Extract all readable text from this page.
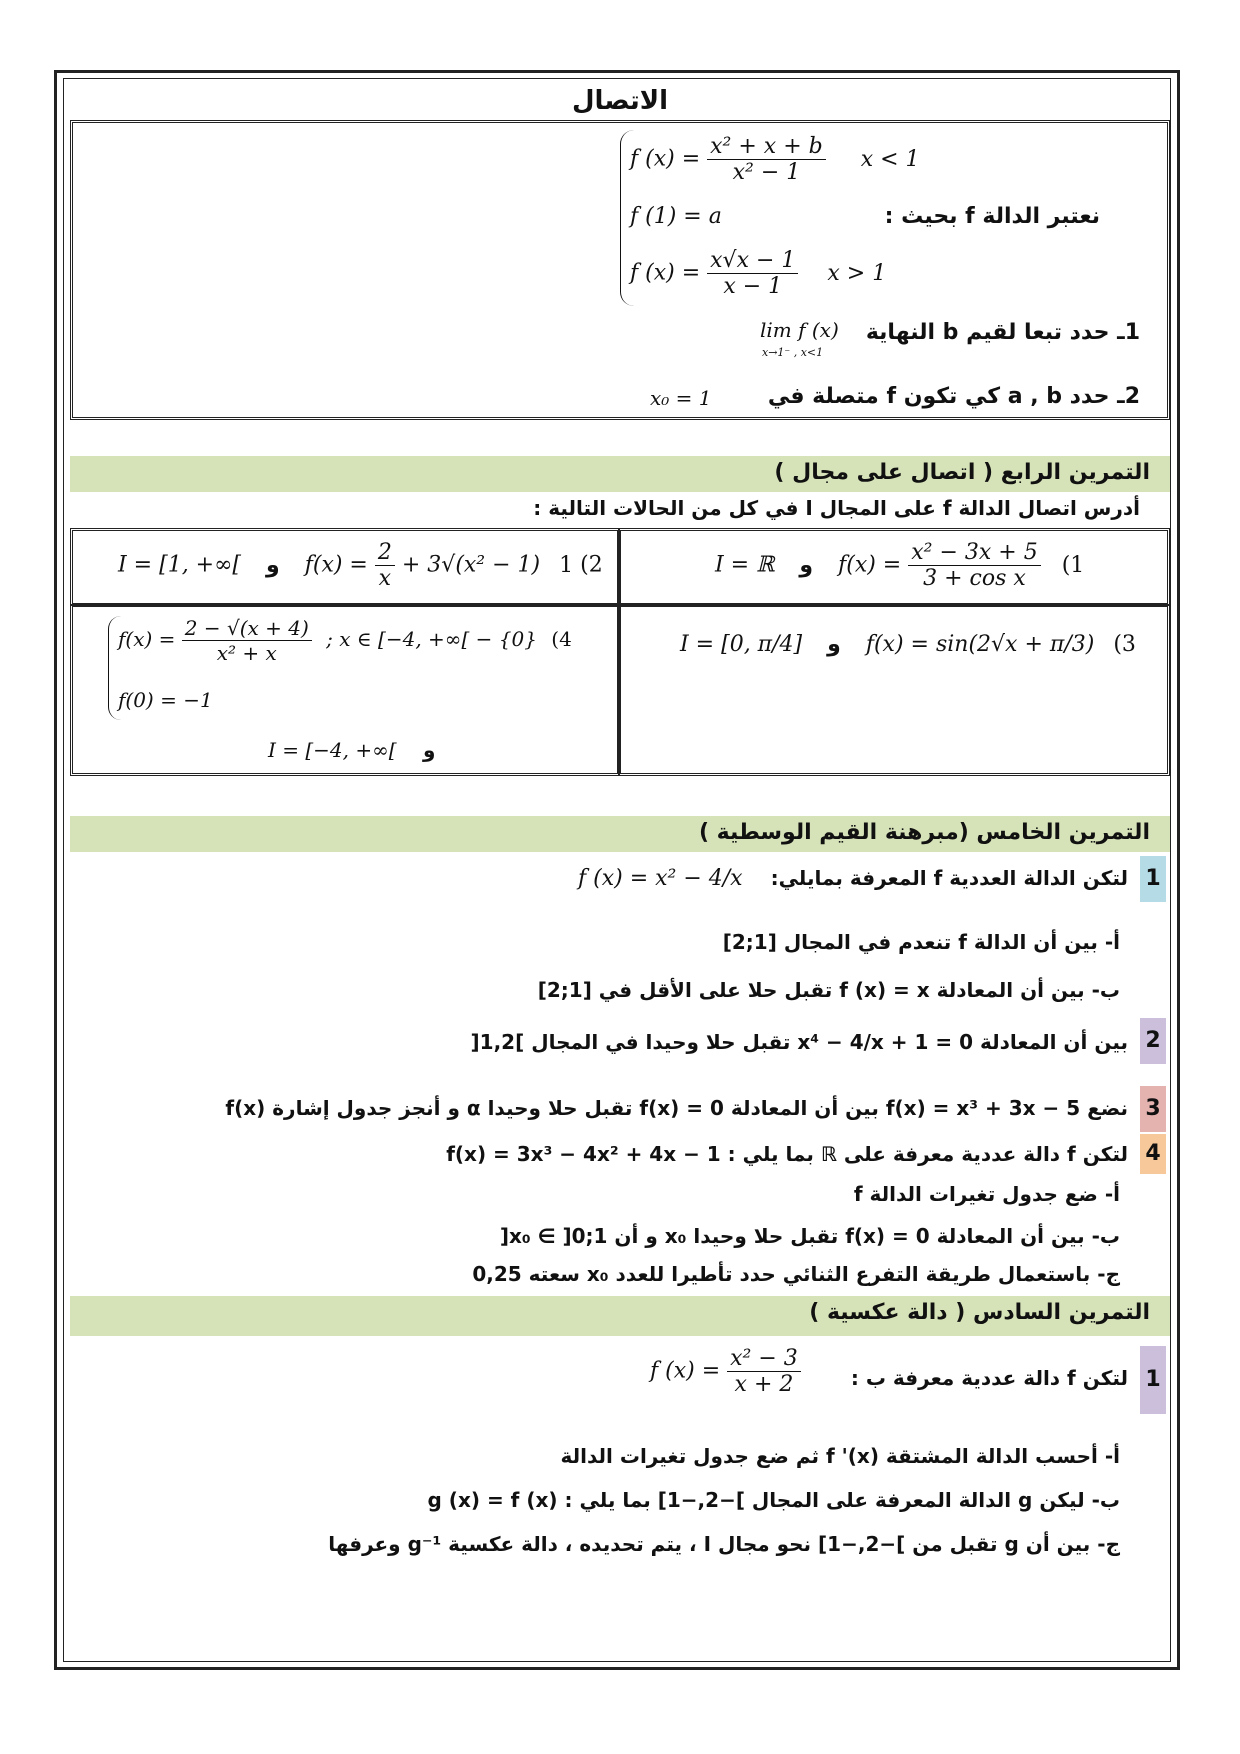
الاتصال
f $(x) = \frac{\text{x² + x + b}}{\text{x² − 1}}$ x < 1
f (1) = a
f $(x) = \frac{x√x - 1}{x - 1}$ x > 1
نعتبر الدالة f بحيث :
1ـ حدد تبعا لقيم b النهاية
lim f (x)
x→1⁻ , x<1
2ـ حدد a , b كي تكون f متصلة في
x₀ = 1
التمرين الرابع ( اتصال على مجال )
أدرس اتصال الدالة f على المجال I في كل من الحالات التالية :
I = ℝ و $f(x) = \frac{\text{x² − 3x + 5}}{\text{3 + cos x}} (1$
I = [1, +∞[ و $f(x) = \frac{2}{x} + 3√(x^2 - 1)$ 1 (2
I = [0, π/4] و f(x) = sin(2√x + π/3) (3
$f(x) = \frac{2 - √(x + 4)}{\text{x² + x}}$ ; x ∈ [−4, +∞[ − {0} (4
f(0) = −1
I = [−4, +∞[ و
التمرين الخامس (مبرهنة القيم الوسطية )
1
لتكن الدالة العددية f المعرفة بمايلي:
f (x) = x² − 4/x
أ- بين أن الدالة f تنعدم في المجال [1;2]
ب- بين أن المعادلة f (x) = x تقبل حلا على الأقل في [1;2]
2
بين أن المعادلة x⁴ − 4/x + 1 = 0 تقبل حلا وحيدا في المجال ]1,2[
3
نضع f(x) = x³ + 3x − 5 بين أن المعادلة f(x) = 0 تقبل حلا وحيدا α و أنجز جدول إشارة f(x)
4
لتكن f دالة عددية معرفة على ℝ بما يلي : f(x) = 3x³ − 4x² + 4x − 1
أ- ضع جدول تغيرات الدالة f
ب- بين أن المعادلة f(x) = 0 تقبل حلا وحيدا x₀ و أن x₀ ∈ ]0;1[
ج- باستعمال طريقة التفرع الثنائي حدد تأطيرا للعدد x₀ سعته 0,25
التمرين السادس ( دالة عكسية )
1
لتكن f دالة عددية معرفة ب :
f $(x) = \frac{\text{x² − 3}}{x + 2}$
أ- أحسب الدالة المشتقة f '(x) ثم ضع جدول تغيرات الدالة
ب- ليكن g الدالة المعرفة على المجال ]−2,−1] بما يلي : g (x) = f (x)
ج- بين أن g تقبل من ]−2,−1] نحو مجال I ، يتم تحديده ، دالة عكسية g⁻¹ وعرفها
